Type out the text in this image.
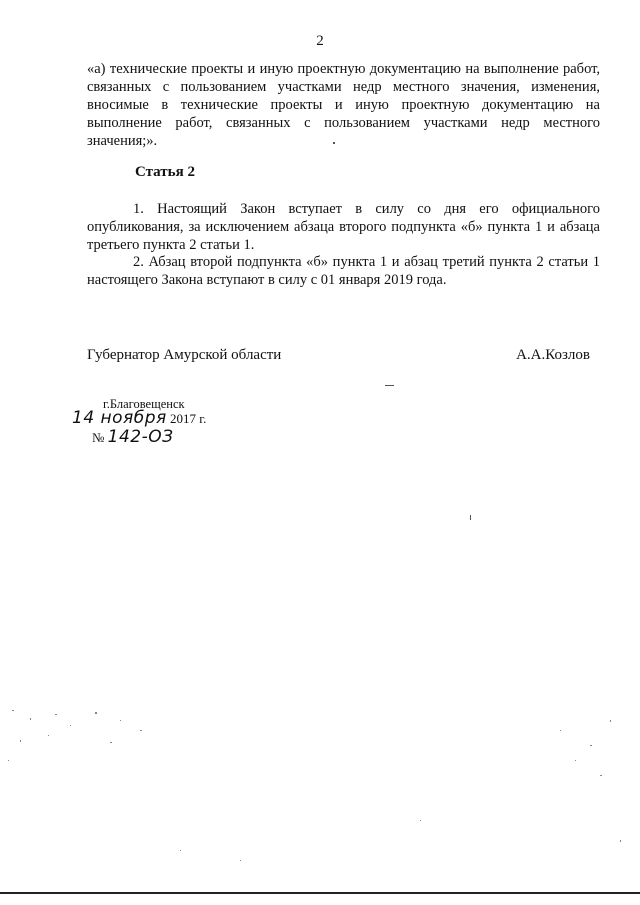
2
«а) технические проекты и иную проектную документацию на выполнение работ, связанных с пользованием участками недр местного значения, изменения, вносимые в технические проекты и иную проектную документацию на выполнение работ, связанных с пользованием участками недр местного значения;».
Статья 2
1. Настоящий Закон вступает в силу со дня его официального опубликования, за исключением абзаца второго подпункта «б» пункта 1 и абзаца третьего пункта 2 статьи 1.
2. Абзац второй подпункта «б» пункта 1 и абзац третий пункта 2 статьи 1 настоящего Закона вступают в силу с 01 января 2019 года.
Губернатор Амурской области	А.А.Козлов
г.Благовещенск
14 ноября 2017 г.
№ 142-ОЗ
